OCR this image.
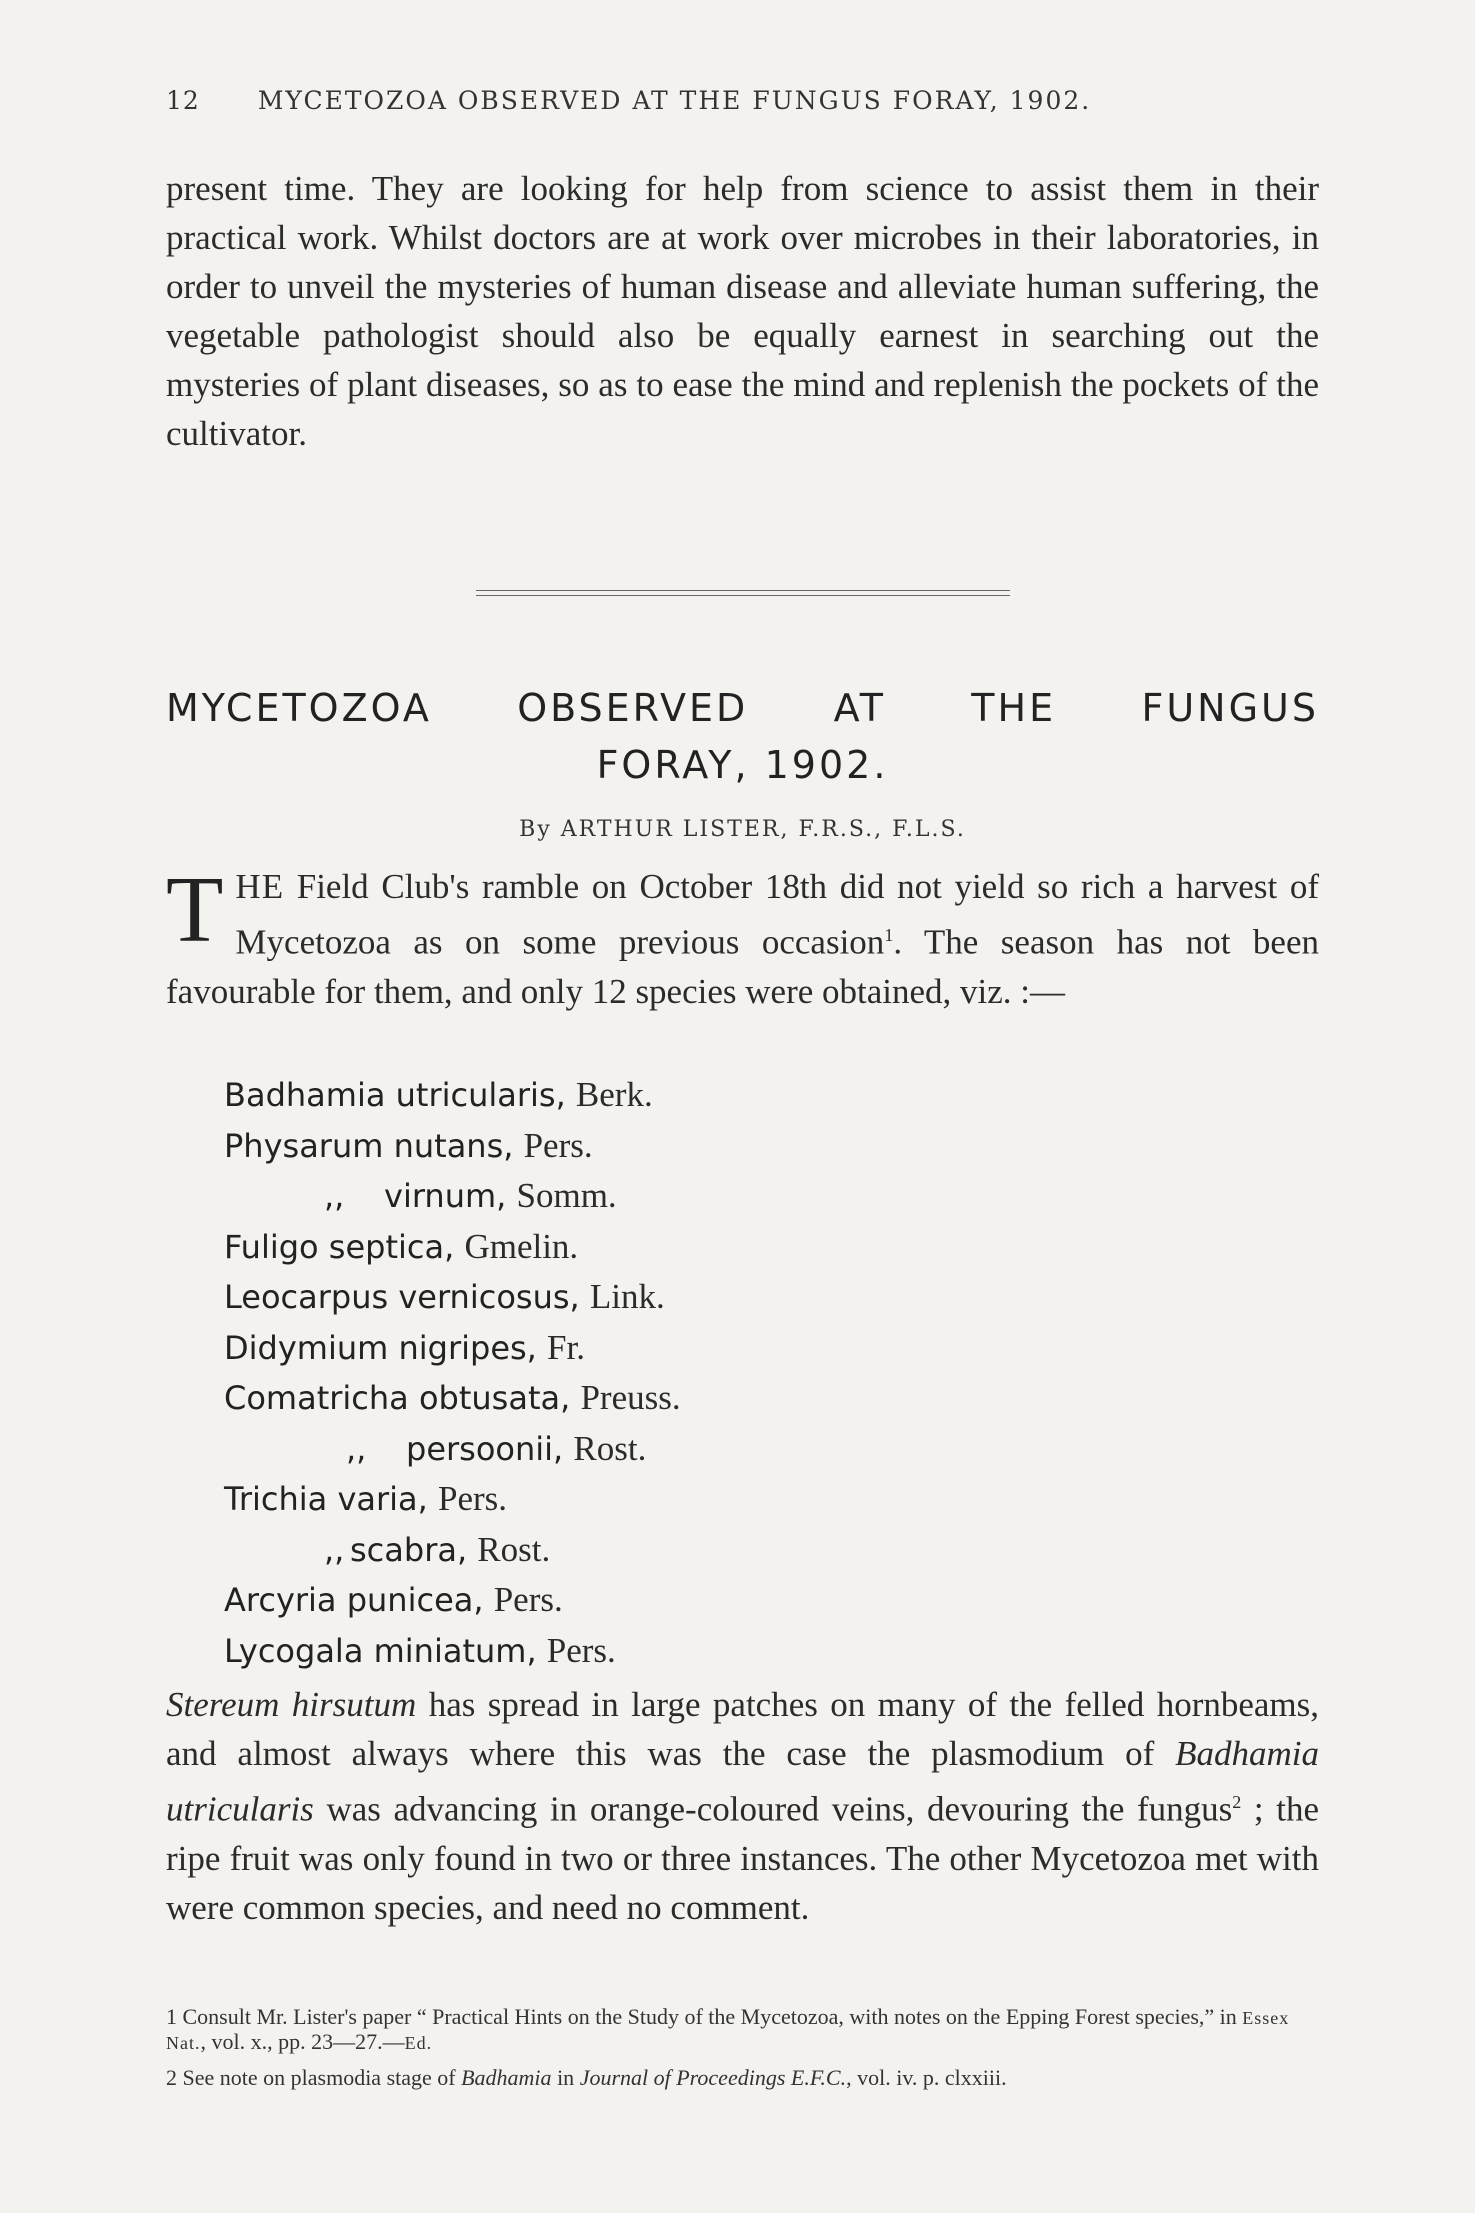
12 MYCETOZOA OBSERVED AT THE FUNGUS FORAY, 1902.
present time. They are looking for help from science to assist them in their practical work. Whilst doctors are at work over microbes in their laboratories, in order to unveil the mysteries of human disease and alleviate human suffering, the vegetable pathologist should also be equally earnest in searching out the mysteries of plant diseases, so as to ease the mind and replenish the pockets of the cultivator.
MYCETOZOA OBSERVED AT THE FUNGUS
FORAY, 1902.
By ARTHUR LISTER, F.R.S., F.L.S.
THE Field Club's ramble on October 18th did not yield so rich a harvest of Mycetozoa as on some previous occasion$^1$. The season has not been favourable for them, and only 12 species were obtained, viz. :—
Badhamia utricularis, Berk.
Physarum nutans, Pers.
,, virnum, Somm.
Fuligo septica, Gmelin.
Leocarpus vernicosus, Link.
Didymium nigripes, Fr.
Comatricha obtusata, Preuss.
,, persoonii, Rost.
Trichia varia, Pers.
,, scabra, Rost.
Arcyria punicea, Pers.
Lycogala miniatum, Pers.
Stereum hirsutum has spread in large patches on many of the felled hornbeams, and almost always where this was the case the plasmodium of Badhamia utricularis was advancing in orange-coloured veins, devouring the fungus$^2$ ; the ripe fruit was only found in two or three instances. The other Mycetozoa met with were common species, and need no comment.
1 Consult Mr. Lister's paper “ Practical Hints on the Study of the Mycetozoa, with notes on the Epping Forest species,” in Essex Nat., vol. x., pp. 23—27.—Ed.
2 See note on plasmodia stage of Badhamia in Journal of Proceedings E.F.C., vol. iv. p. clxxiii.
